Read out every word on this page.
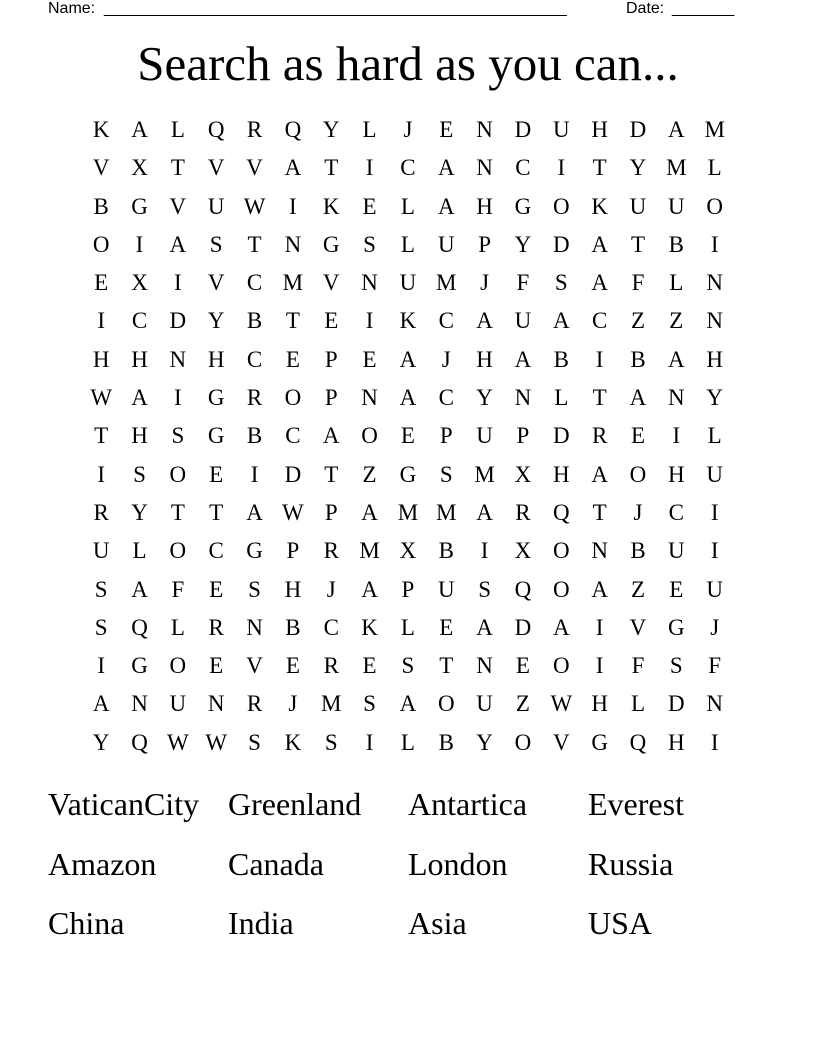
Name: ____________________________________________________	Date: _______
Search as hard as you can...
K A	L	Q R Q Y	L	J	E	N D U H D A M
V X	T	V V A	T	I	C A N C	I	T	Y M L
B G V U W	I	K	E	L	A H G O K U U O
O	I	A	S	T	N G	S	L	U	P	Y D A	T	B	I
E	X	I	V C M V N U M	J	F	S	A	F	L	N
I	C D Y B	T	E	I	K C A U A C	Z	Z	N
H H N H C	E	P	E	A	J	H A B	I	B A H
W A	I	G R O	P	N A C Y N	L	T	A N Y
T	H	S	G B	C A O	E	P	U	P	D R	E	I	L
I	S	O	E	I	D	T	Z	G	S M X H A O H U
R Y	T	T	A W P	A M M A R Q	T	J	C	I
U	L	O C G	P	R M X B	I	X O N B U	I
S	A	F	E	S	H	J	A	P	U	S	Q O A	Z	E	U
S	Q	L	R N B	C K	L	E	A D A	I	V G	J
I	G O	E	V	E	R	E	S	T	N	E	O	I	F	S	F
A N U N R	J	M S	A O U	Z W H	L	D N
Y Q W W S	K	S	I	L	B Y O V G Q H	I
VaticanCity Greenland	Antartica	Everest
Amazon	Canada	London	Russia
China	India	Asia	USA
